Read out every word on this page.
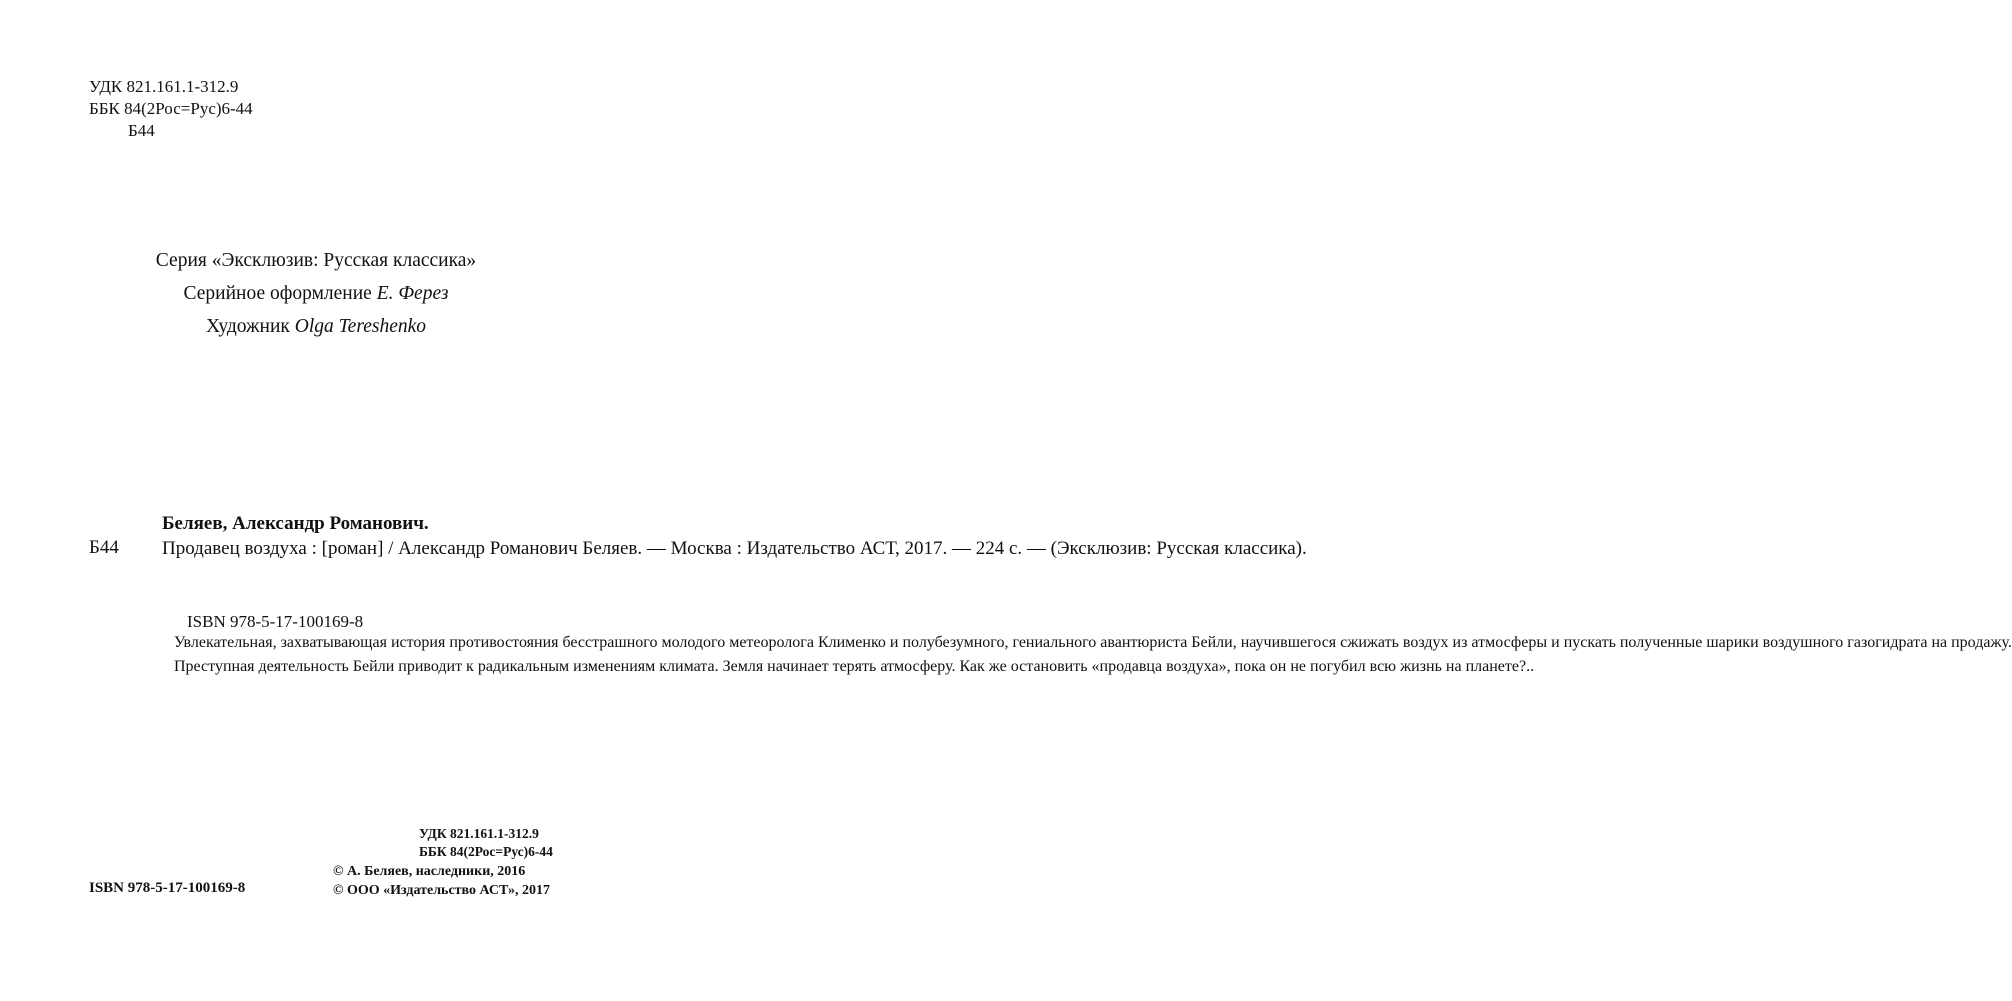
УДК 821.161.1-312.9
ББК 84(2Рос=Рус)6-44
Б44
Серия «Эксклюзив: Русская классика»
Серийное оформление Е. Ферез
Художник Olga Tereshenko
Беляев, Александр Романович.
Б44 Продавец воздуха : [роман] / Александр Романович Беляев. — Москва : Издательство АСТ, 2017. — 224 с. — (Эксклюзив: Русская классика).
ISBN 978-5-17-100169-8

Увлекательная, захватывающая история противостояния бесстрашного молодого метеоролога Клименко и полубезумного, гениального авантюриста Бейли, научившегося сжижать воздух из атмосферы и пускать полученные шарики воздушного газогидрата на продажу.

Преступная деятельность Бейли приводит к радикальным изменениям климата. Земля начинает терять атмосферу. Как же остановить «продавца воздуха», пока он не погубил всю жизнь на планете?..

УДК 821.161.1-312.9
ББК 84(2Рос=Рус)6-44
ISBN 978-5-17-100169-8
© А. Беляев, наследники, 2016
© ООО «Издательство АСТ», 2017
